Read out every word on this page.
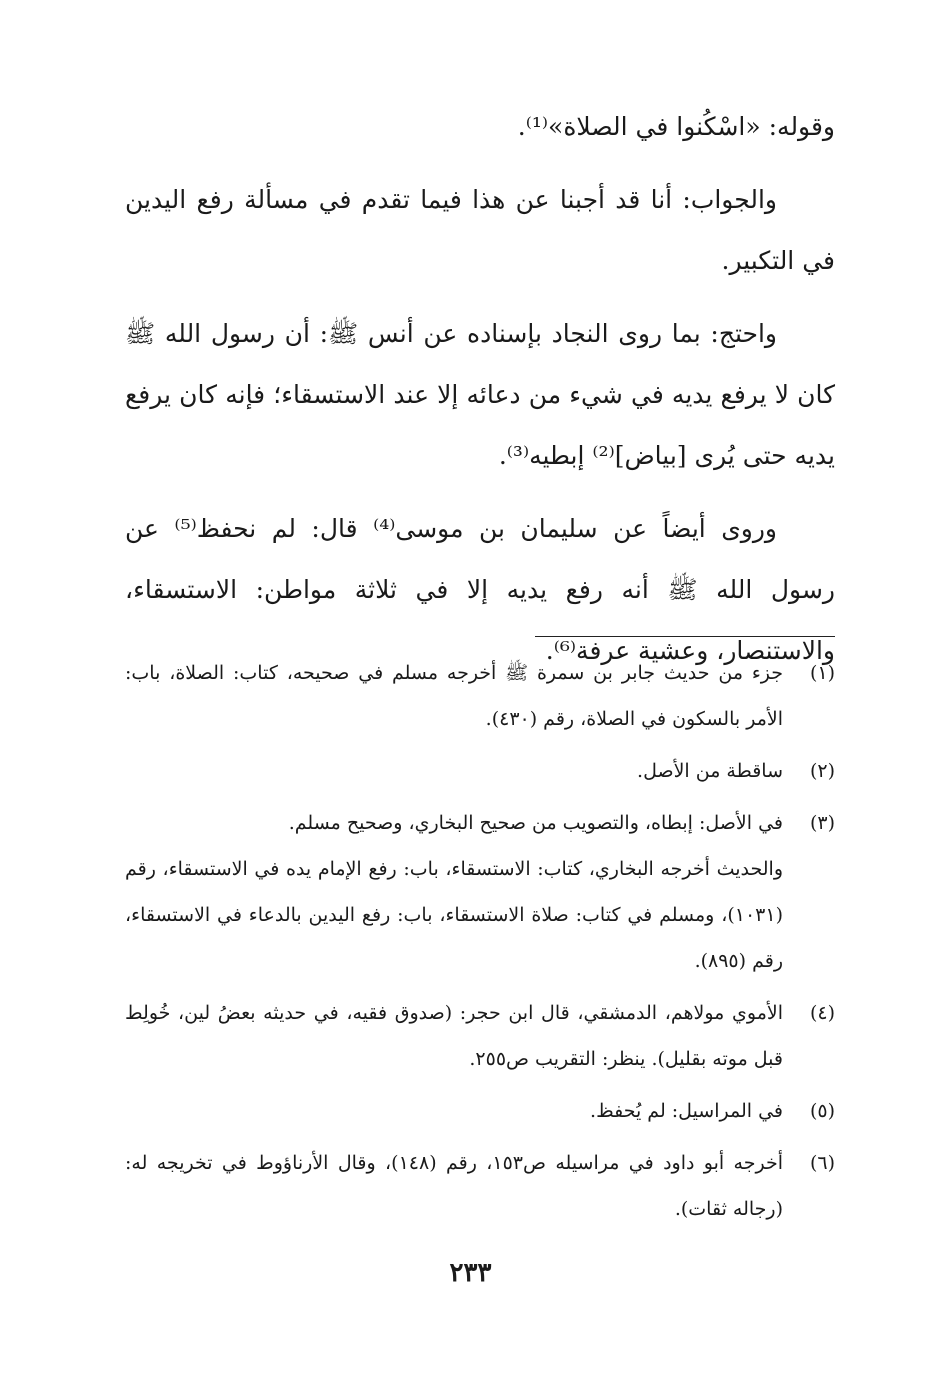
وقوله: «اسْكُنوا في الصلاة»⁽¹⁾.

والجواب: أنا قد أجبنا عن هذا فيما تقدم في مسألة رفع اليدين في التكبير.

واحتج: بما روى النجاد بإسناده عن أنس ﷺ: أن رسول الله ﷺ كان لا يرفع يديه في شيء من دعائه إلا عند الاستسقاء؛ فإنه كان يرفع يديه حتى يُرى [بياض]⁽²⁾ إبطيه⁽³⁾.

وروى أيضاً عن سليمان بن موسى⁽⁴⁾ قال: لم نحفظ⁽⁵⁾ عن رسول الله ﷺ أنه رفع يديه إلا في ثلاثة مواطن: الاستسقاء، والاستنصار، وعشية عرفة⁽⁶⁾.

(١)

جزء من حديث جابر بن سمرة ﷺ أخرجه مسلم في صحيحه، كتاب: الصلاة، باب: الأمر بالسكون في الصلاة، رقم (٤٣٠).

(٢)

ساقطة من الأصل.

(٣)

في الأصل: إبطاه، والتصويب من صحيح البخاري، وصحيح مسلم.

والحديث أخرجه البخاري، كتاب: الاستسقاء، باب: رفع الإمام يده في الاستسقاء، رقم (١٠٣١)، ومسلم في كتاب: صلاة الاستسقاء، باب: رفع اليدين بالدعاء في الاستسقاء، رقم (٨٩٥).

(٤)

الأموي مولاهم، الدمشقي، قال ابن حجر: (صدوق فقيه، في حديثه بعضُ لين، خُولِط قبل موته بقليل). ينظر: التقريب ص٢٥٥.

(٥)

في المراسيل: لم يُحفظ.

(٦)

أخرجه أبو داود في مراسيله ص١٥٣، رقم (١٤٨)، وقال الأرناؤوط في تخريجه له: (رجاله ثقات).

٢٣٣
